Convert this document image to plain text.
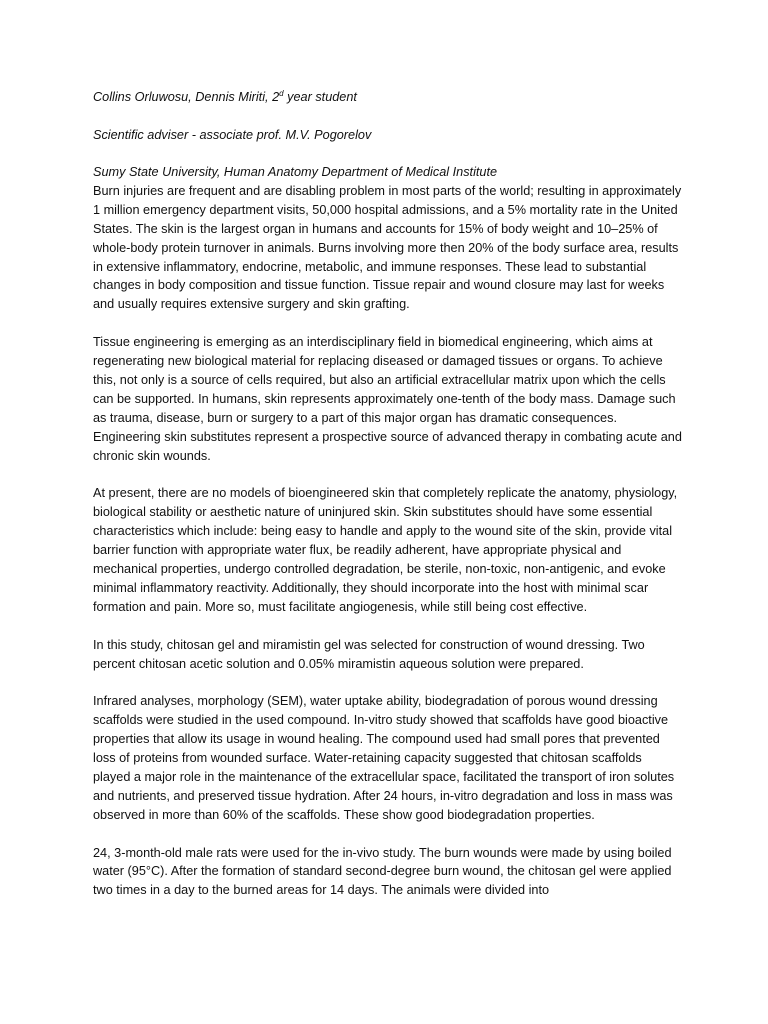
Collins Orluwosu, Dennis Miriti, 2$^d$ year student

Scientific adviser - associate prof. M.V. Pogorelov

Sumy State University, Human Anatomy Department of Medical Institute

Burn injuries are frequent and are disabling problem in most parts of the world; resulting in approximately 1 million emergency department visits, 50,000 hospital admissions, and a 5% mortality rate in the United States. The skin is the largest organ in humans and accounts for 15% of body weight and 10–25% of whole-body protein turnover in animals. Burns involving more then 20% of the body surface area, results in extensive inflammatory, endocrine, metabolic, and immune responses. These lead to substantial changes in body composition and tissue function. Tissue repair and wound closure may last for weeks and usually requires extensive surgery and skin grafting.

Tissue engineering is emerging as an interdisciplinary field in biomedical engineering, which aims at regenerating new biological material for replacing diseased or damaged tissues or organs. To achieve this, not only is a source of cells required, but also an artificial extracellular matrix upon which the cells can be supported. In humans, skin represents approximately one-tenth of the body mass. Damage such as trauma, disease, burn or surgery to a part of this major organ has dramatic consequences. Engineering skin substitutes represent a prospective source of advanced therapy in combating acute and chronic skin wounds.

At present, there are no models of bioengineered skin that completely replicate the anatomy, physiology, biological stability or aesthetic nature of uninjured skin. Skin substitutes should have some essential characteristics which include: being easy to handle and apply to the wound site of the skin, provide vital barrier function with appropriate water flux, be readily adherent, have appropriate physical and mechanical properties, undergo controlled degradation, be sterile, non-toxic, non-antigenic, and evoke minimal inflammatory reactivity. Additionally, they should incorporate into the host with minimal scar formation and pain. More so, must facilitate angiogenesis, while still being cost effective.

In this study, chitosan gel and miramistin gel was selected for construction of wound dressing. Two percent chitosan acetic solution and 0.05% miramistin aqueous solution were prepared.

Infrared analyses, morphology (SEM), water uptake ability, biodegradation of porous wound dressing scaffolds were studied in the used compound. In-vitro study showed that scaffolds have good bioactive properties that allow its usage in wound healing. The compound used had small pores that prevented loss of proteins from wounded surface. Water-retaining capacity suggested that chitosan scaffolds played a major role in the maintenance of the extracellular space, facilitated the transport of iron solutes and nutrients, and preserved tissue hydration. After 24 hours, in-vitro degradation and loss in mass was observed in more than 60% of the scaffolds. These show good biodegradation properties.

24, 3-month-old male rats were used for the in-vivo study. The burn wounds were made by using boiled water (95°C). After the formation of standard second-degree burn wound, the chitosan gel were applied two times in a day to the burned areas for 14 days. The animals were divided into
